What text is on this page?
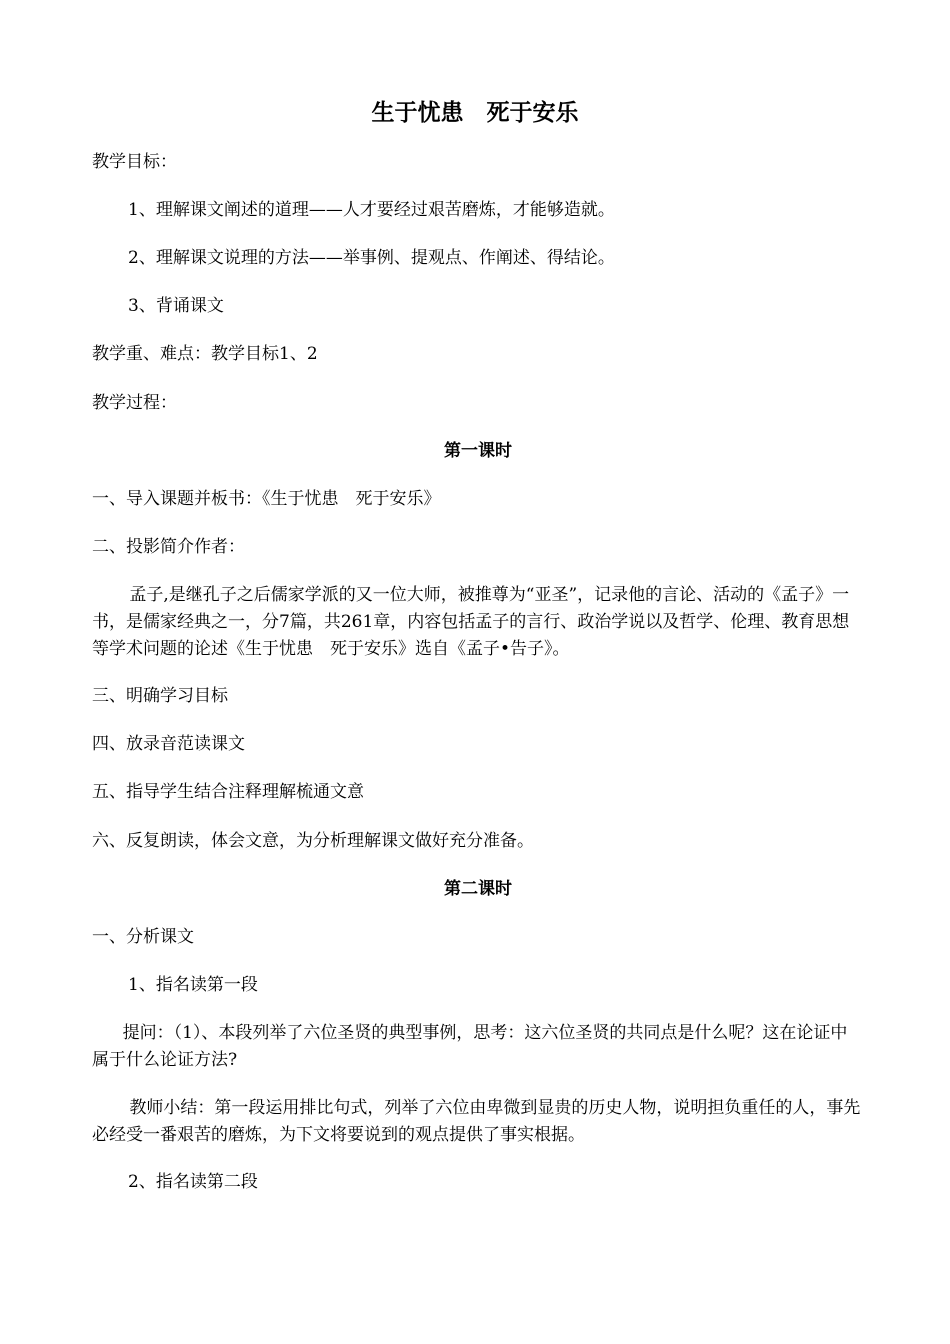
生于忧患　死于安乐

教学目标：

1、理解课文阐述的道理——人才要经过艰苦磨炼，才能够造就。

2、理解课文说理的方法——举事例、提观点、作阐述、得结论。

3、背诵课文

教学重、难点：教学目标1、2

教学过程：

第一课时

一、导入课题并板书：《生于忧患　死于安乐》

二、投影简介作者：

孟子,是继孔子之后儒家学派的又一位大师，被推尊为“亚圣”，记录他的言论、活动的《孟子》一书，是儒家经典之一，分7篇，共261章，内容包括孟子的言行、政治学说以及哲学、伦理、教育思想等学术问题的论述《生于忧患　死于安乐》选自《孟子•告子》。

三、明确学习目标

四、放录音范读课文

五、指导学生结合注释理解梳通文意

六、反复朗读，体会文意，为分析理解课文做好充分准备。

第二课时

一、分析课文

1、指名读第一段

提问：（1）、本段列举了六位圣贤的典型事例，思考：这六位圣贤的共同点是什么呢？这在论证中属于什么论证方法?

教师小结：第一段运用排比句式，列举了六位由卑微到显贵的历史人物，说明担负重任的人，事先必经受一番艰苦的磨炼，为下文将要说到的观点提供了事实根据。

2、指名读第二段
